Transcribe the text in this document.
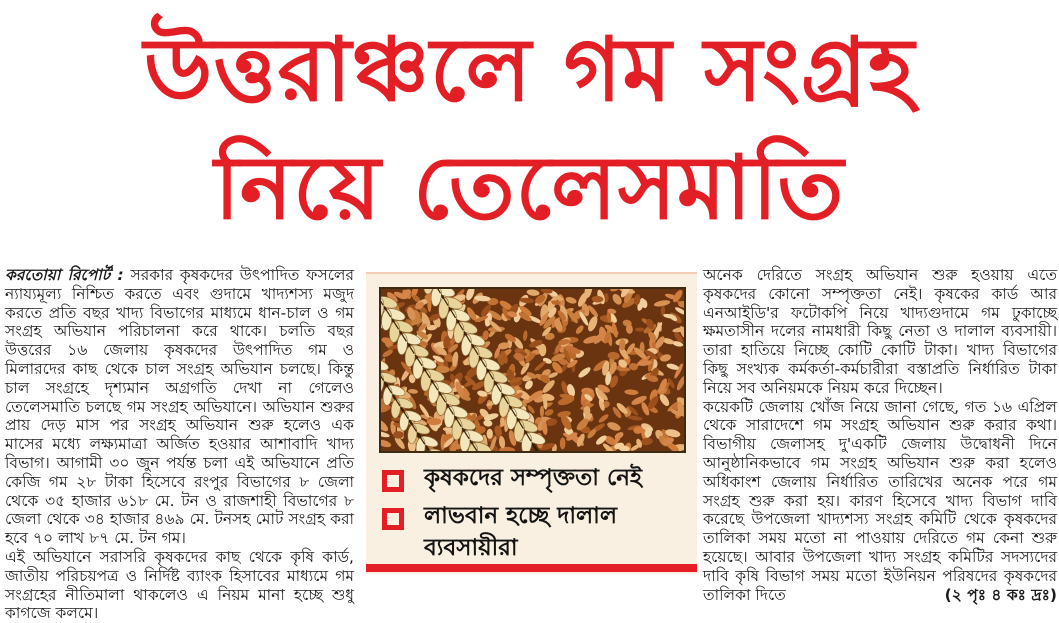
উত্তরাঞ্চলে গম সংগ্রহ
নিয়ে তেলেসমাতি

করতোয়া রিপোর্ট : সরকার কৃষকদের উৎপাদিত ফসলের ন্যায্যমূল্য নিশ্চিত করতে এবং গুদামে খাদ্যশস্য মজুদ করতে প্রতি বছর খাদ্য বিভাগের মাধ্যমে ধান-চাল ও গম সংগ্রহ অভিযান পরিচালনা করে থাকে। চলতি বছর উত্তরের ১৬ জেলায় কৃষকদের উৎপাদিত গম ও মিলারদের কাছ থেকে চাল সংগ্রহ অভিযান চলছে। কিন্তু চাল সংগ্রহে দৃশ্যমান অগ্রগতি দেখা না গেলেও তেলেসমাতি চলছে গম সংগ্রহ অভিযানে। অভিযান শুরুর প্রায় দেড় মাস পর সংগ্রহ অভিযান শুরু হলেও এক মাসের মধ্যে লক্ষ্যমাত্রা অর্জিত হওয়ার আশাবাদি খাদ্য বিভাগ। আগামী ৩০ জুন পর্যন্ত চলা এই অভিযানে প্রতি কেজি গম ২৮ টাকা হিসেবে রংপুর বিভাগের ৮ জেলা থেকে ৩৫ হাজার ৬১৮ মে. টন ও রাজশাহী বিভাগের ৮ জেলা থেকে ৩৪ হাজার ৪৬৯ মে. টনসহ মোট সংগ্রহ করা হবে ৭০ লাখ ৮৭ মে. টন গম।

এই অভিযানে সরাসরি কৃষকদের কাছ থেকে কৃষি কার্ড, জাতীয় পরিচয়পত্র ও নির্দিষ্ট ব্যাংক হিসাবের মাধ্যমে গম সংগ্রহের নীতিমালা থাকলেও এ নিয়ম মানা হচ্ছে শুধু কাগজে কলমে।

কৃষকদের সম্পৃক্ততা নেই
লাভবান হচ্ছে দালাল ব্যবসায়ীরা

অনেক দেরিতে সংগ্রহ অভিযান শুরু হওয়ায় এতে কৃষকদের কোনো সম্পৃক্ততা নেই। কৃষকের কার্ড আর এনআইডি'র ফটোকপি নিয়ে খাদ্যগুদামে গম ঢুকাচ্ছে ক্ষমতাসীন দলের নামধারী কিছু নেতা ও দালাল ব্যবসায়ী। তারা হাতিয়ে নিচ্ছে কোটি কোটি টাকা। খাদ্য বিভাগের কিছু সংখ্যক কর্মকর্তা-কর্মচারীরা বস্তাপ্রতি নির্ধারিত টাকা নিয়ে সব অনিয়মকে নিয়ম করে দিচ্ছেন।

কয়েকটি জেলায় খোঁজ নিয়ে জানা গেছে, গত ১৬ এপ্রিল থেকে সারাদেশে গম সংগ্রহ অভিযান শুরু করার কথা। বিভাগীয় জেলাসহ দু'একটি জেলায় উদ্বোধনী দিনে আনুষ্ঠানিকভাবে গম সংগ্রহ অভিযান শুরু করা হলেও অধিকাংশ জেলায় নির্ধারিত তারিখের অনেক পরে গম সংগ্রহ শুরু করা হয়। কারণ হিসেবে খাদ্য বিভাগ দাবি করেছে উপজেলা খাদ্যশস্য সংগ্রহ কমিটি থেকে কৃষকদের তালিকা সময় মতো না পাওয়ায় দেরিতে গম কেনা শুরু হয়েছে। আবার উপজেলা খাদ্য সংগ্রহ কমিটির সদস্যদের দাবি কৃষি বিভাগ সময় মতো ইউনিয়ন পরিষদের কৃষকদের তালিকা দিতে	(২ পৃঃ ৪ কঃ দ্রঃ)
